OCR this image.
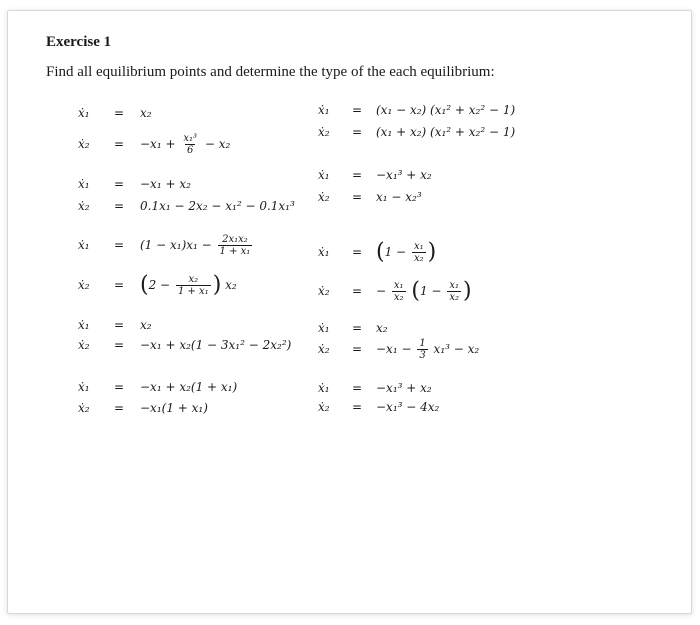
Exercise 1
Find all equilibrium points and determine the type of the each equilibrium:
ẋ₁ = x₂
ẋ₂ = $-x_1 + \frac{\text{x₁³}}{6} - x_2$
ẋ₁ = (x₁ − x₂) (x₁² + x₂² − 1)
ẋ₂ = (x₁ + x₂) (x₁² + x₂² − 1)
ẋ₁ = −x₁ + x₂
ẋ₂ = 0.1x₁ − 2x₂ − x₁² − 0.1x₁³
ẋ₁ = −x₁³ + x₂
ẋ₂ = x₁ − x₂³
ẋ₁ = $(1 - x_1)x_1 - \frac{\text{2x₁x₂}}{\text{1 + x₁}}$
ẋ₂ = ($2 - \frac{\text{x₂}}{\text{1 + x₁}}$ ) x₂
ẋ₁ = ($1 - \frac{\text{x₁}}{\text{x₂}}$ )
ẋ₂ = − $\frac{\text{x₁}}{\text{x₂}} (1 - \frac{\text{x₁}}{\text{x₂}}$ )
ẋ₁ = x₂
ẋ₂ = −x₁ + x₂(1 − 3x₁² − 2x₂²)
ẋ₁ = x₂
ẋ₂ = $-x_1 - \frac{1}{3} x_1^3 - x_2$
ẋ₁ = −x₁ + x₂(1 + x₁)
ẋ₂ = −x₁(1 + x₁)
ẋ₁ = −x₁³ + x₂
ẋ₂ = −x₁³ − 4x₂
